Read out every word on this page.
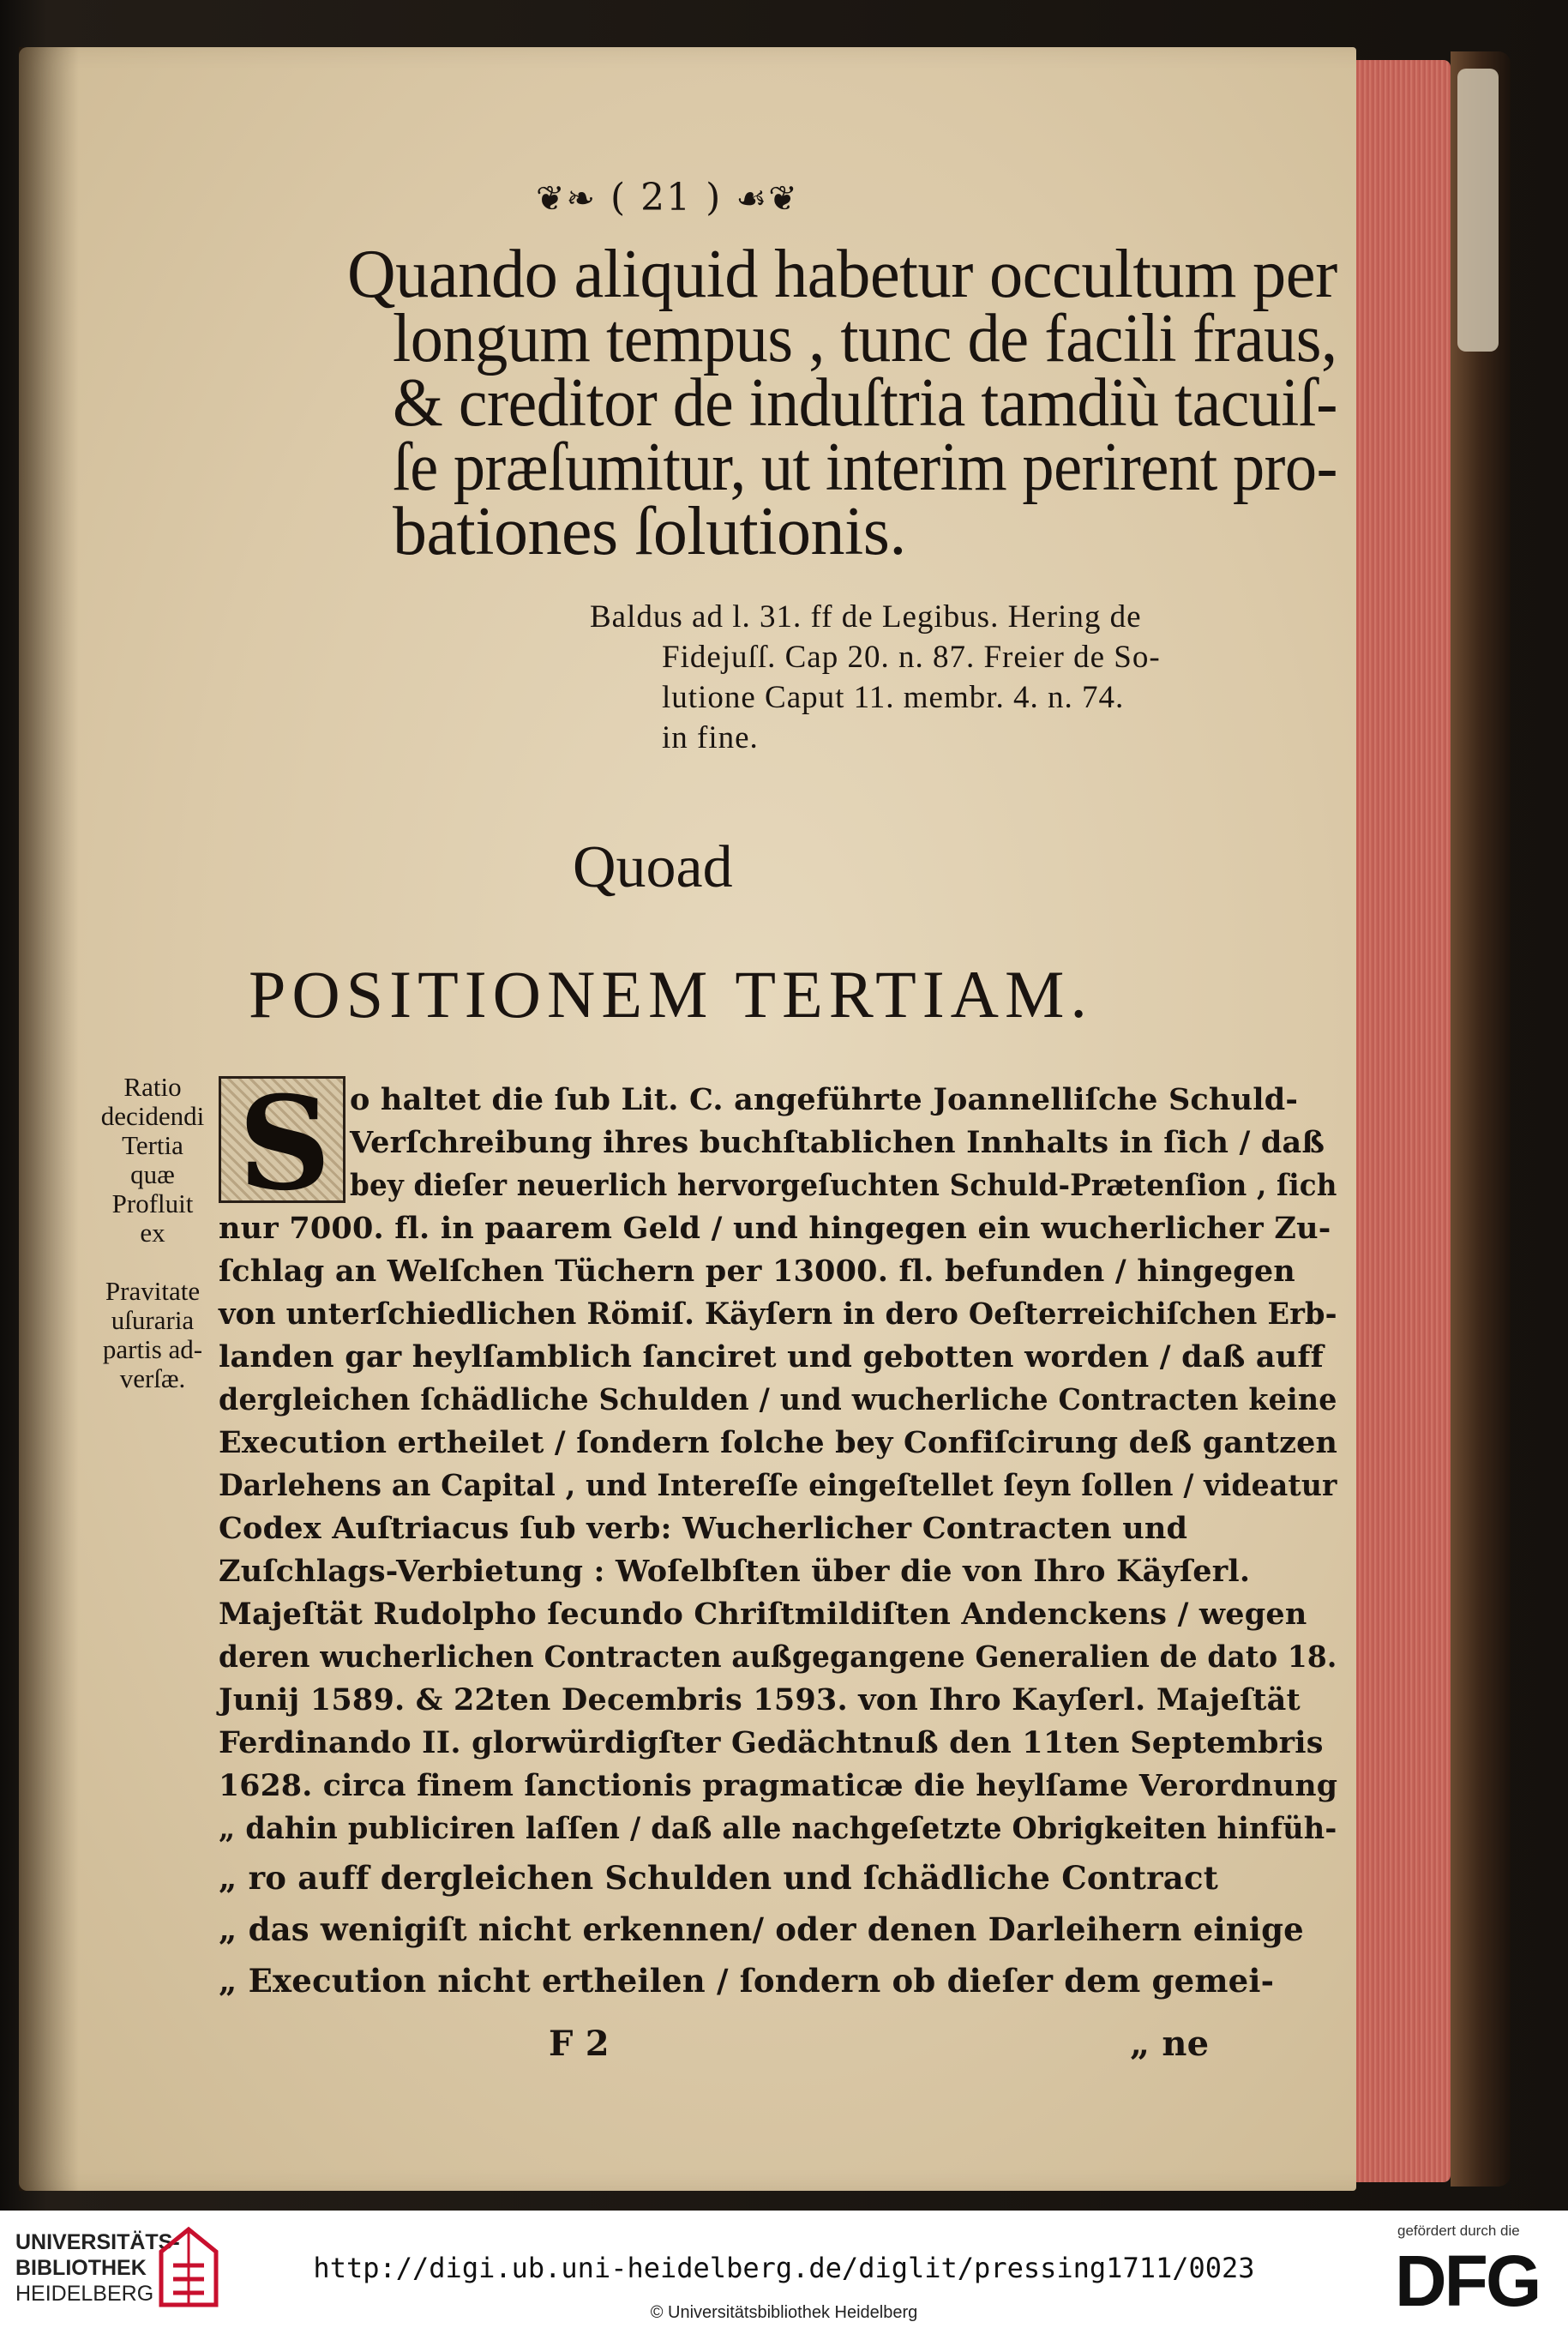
❦❧ ( 21 ) ☙❦
Quando aliquid habetur occultum per
longum tempus , tunc de facili fraus,
& creditor de induſtria tamdiù tacuiſ-
ſe præſumitur, ut interim perirent pro-
bationes ſolutionis.
Baldus ad l. 31. ff de Legibus. Hering de
Fidejuſſ. Cap 20. n. 87. Freier de So-
lutione Caput 11. membr. 4. n. 74.
in fine.
Quoad
POSITIONEM TERTIAM.
Ratio
decidendi
Tertia
quæ
Profluit
ex
Pravitate
uſuraria
partis ad-
verſæ.
S o haltet die ſub Lit. C. angeführte Joannelliſche Schuld-
Verſchreibung ihres buchſtablichen Innhalts in ſich / daß
bey dieſer neuerlich hervorgeſuchten Schuld-Prætenſion , ſich
nur 7000. fl. in paarem Geld / und hingegen ein wucherlicher Zu-
ſchlag an Welſchen Tüchern per 13000. fl. befunden / hingegen
von unterſchiedlichen Römiſ. Käyſern in dero Oeſterreichiſchen Erb-
landen gar heylſamblich ſanciret und gebotten worden / daß auff
dergleichen ſchädliche Schulden / und wucherliche Contracten keine
Execution ertheilet / ſondern ſolche bey Confiſcirung deß gantzen
Darlehens an Capital , und Intereſſe eingeſtellet ſeyn ſollen / videatur
Codex Auſtriacus ſub verb: Wucherlicher Contracten und
Zuſchlags-Verbietung : Woſelbſten über die von Ihro Käyſerl.
Majeſtät Rudolpho ſecundo Chriſtmildiſten Andenckens / wegen
deren wucherlichen Contracten außgegangene Generalien de dato 18.
Junij 1589. & 22ten Decembris 1593. von Ihro Kayſerl. Majeſtät
Ferdinando II. glorwürdigſter Gedächtnuß den 11ten Septembris
1628. circa finem ſanctionis pragmaticæ die heylſame Verordnung
„ dahin publiciren laſſen / daß alle nachgeſetzte Obrigkeiten hinfüh-
„ ro auff dergleichen Schulden und ſchädliche Contract
„ das wenigiſt nicht erkennen/ oder denen Darleihern einige
„ Execution nicht ertheilen / ſondern ob dieſer dem gemei-
F 2	„ ne
UNIVERSITÄTS-
BIBLIOTHEK
HEIDELBERG
http://digi.ub.uni-heidelberg.de/diglit/pressing1711/0023
© Universitätsbibliothek Heidelberg
gefördert durch die
DFG
